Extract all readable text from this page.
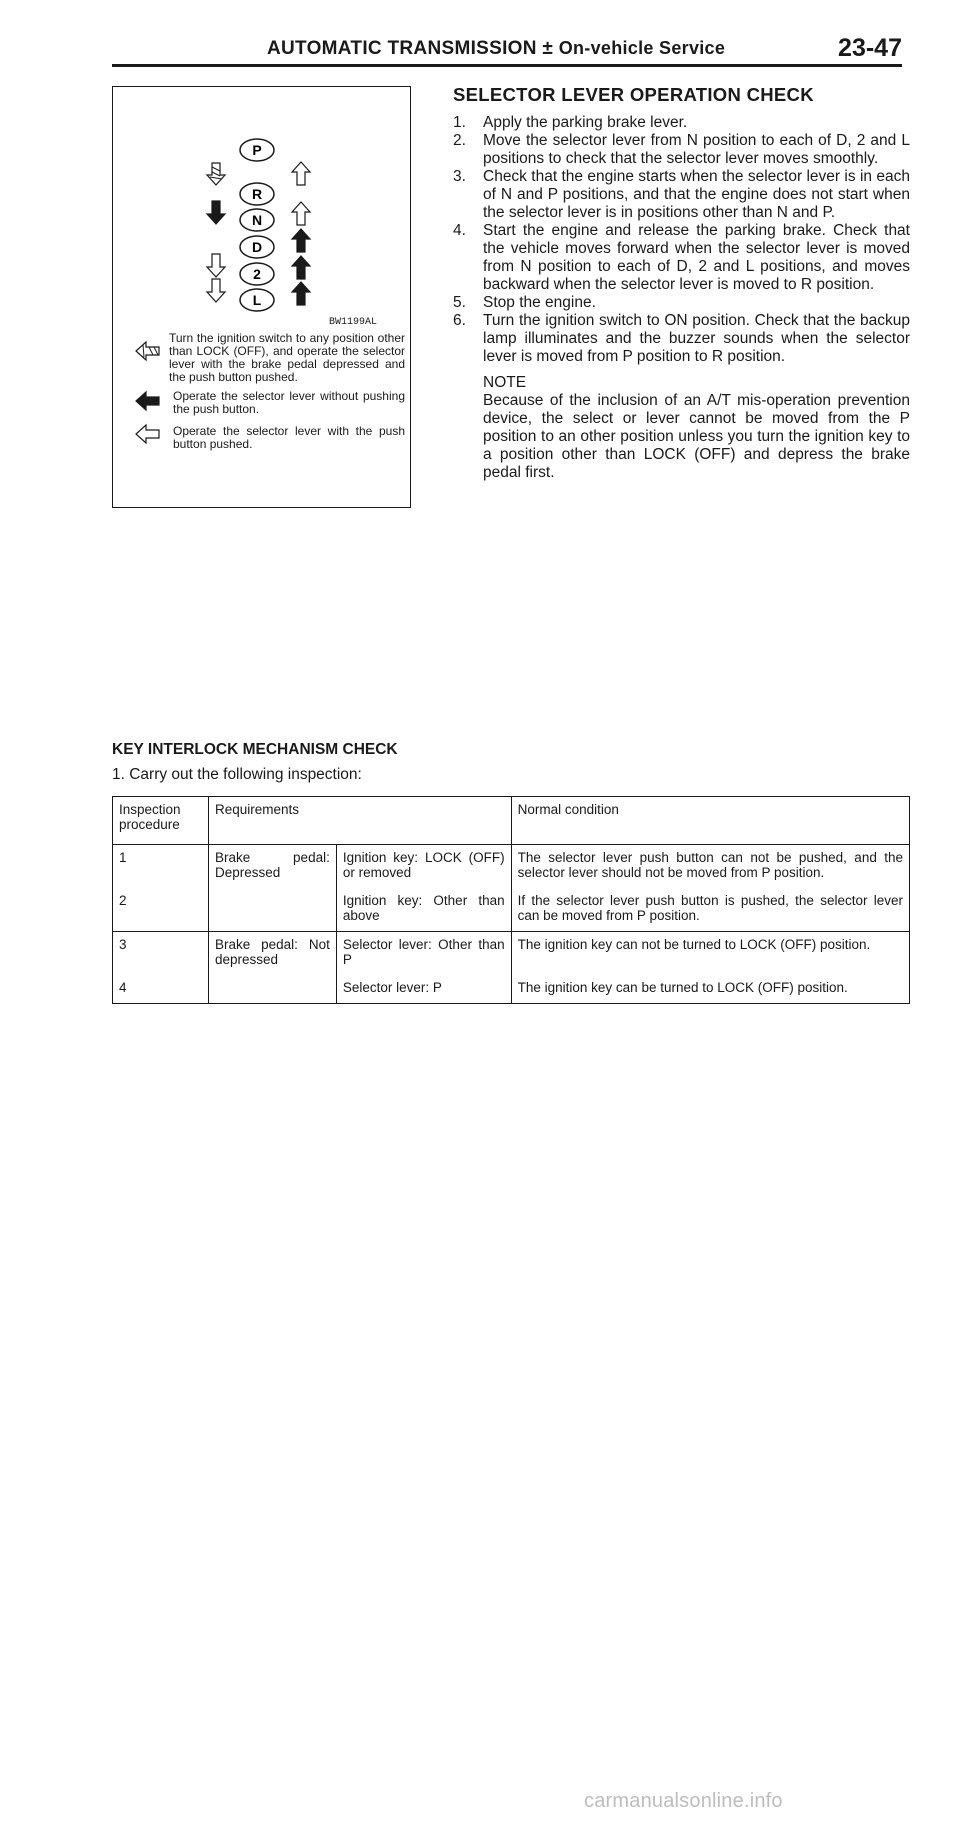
AUTOMATIC TRANSMISSION ± On-vehicle Service	23-47
P
R
N
D
2
L
BW1199AL
Turn the ignition switch to any position other than LOCK (OFF), and operate the selector lever with the brake pedal depressed and the push button pushed.
Operate the selector lever without pushing the push button.
Operate the selector lever with the push button pushed.
SELECTOR LEVER OPERATION CHECK
1. Apply the parking brake lever.
2. Move the selector lever from N position to each of D, 2 and L positions to check that the selector lever moves smoothly.
3. Check that the engine starts when the selector lever is in each of N and P positions, and that the engine does not start when the selector lever is in positions other than N and P.
4. Start the engine and release the parking brake. Check that the vehicle moves forward when the selector lever is moved from N position to each of D, 2 and L positions, and moves backward when the selector lever is moved to R position.
5. Stop the engine.
6. Turn the ignition switch to ON position. Check that the backup lamp illuminates and the buzzer sounds when the selector lever is moved from P position to R position.
NOTE
Because of the inclusion of an A/T mis-operation prevention device, the select or lever cannot be moved from the P position to an other position unless you turn the ignition key to a position other than LOCK (OFF) and depress the brake pedal first.
KEY INTERLOCK MECHANISM CHECK
1. Carry out the following inspection:
Inspection procedure	Requirements		Normal condition
1	Brake pedal: Depressed	Ignition key: LOCK (OFF) or removed	The selector lever push button can not be pushed, and the selector lever should not be moved from P position.
2		Ignition key: Other than above	If the selector lever push button is pushed, the selector lever can be moved from P position.
3	Brake pedal: Not depressed	Selector lever: Other than P	The ignition key can not be turned to LOCK (OFF) position.
4		Selector lever: P	The ignition key can be turned to LOCK (OFF) position.
carmanualsonline.info
